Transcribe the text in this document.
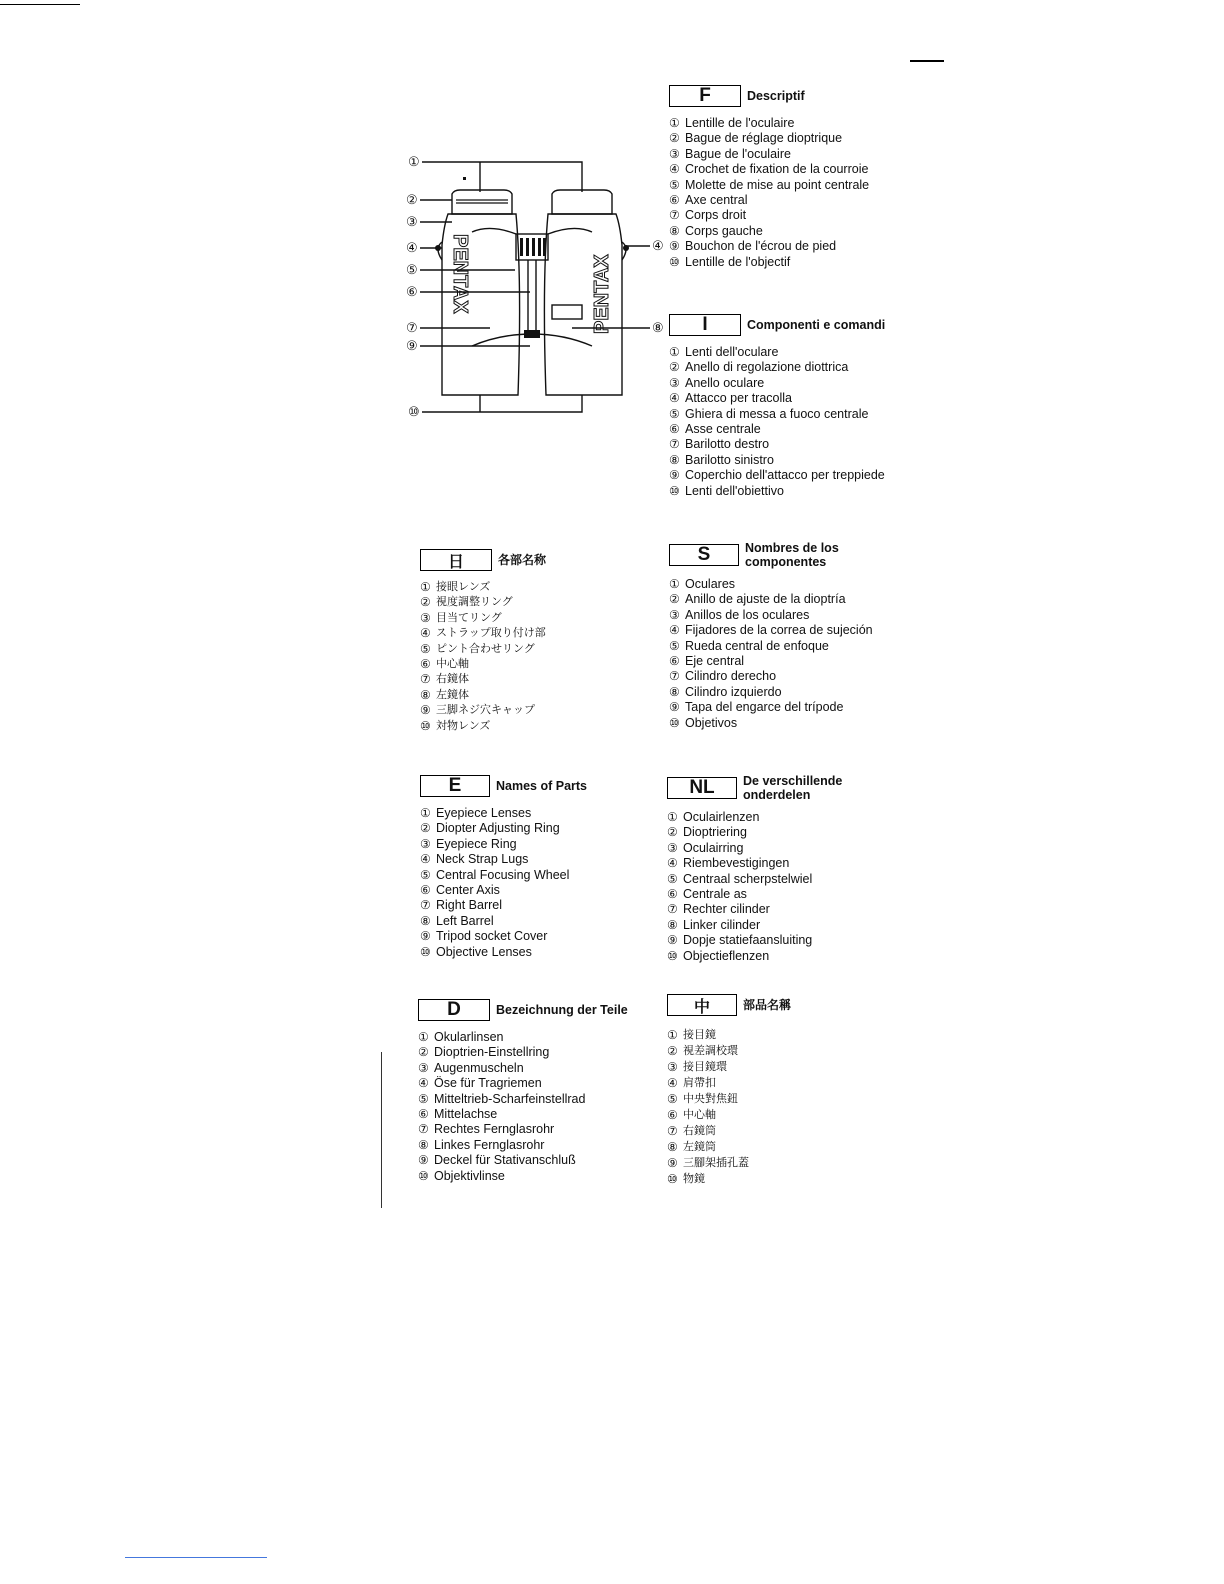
PENTAX	PENTAX
①
②
③
④
⑤
⑥
⑦
⑨
⑩
④
⑧
F	Descriptif
① Lentille de l'oculaire
② Bague de réglage dioptrique
③ Bague de l'oculaire
④ Crochet de fixation de la courroie
⑤ Molette de mise au point centrale
⑥ Axe central
⑦ Corps droit
⑧ Corps gauche
⑨ Bouchon de l'écrou de pied
⑩ Lentille de l'objectif
I	Componenti e comandi
① Lenti dell'oculare
② Anello di regolazione diottrica
③ Anello oculare
④ Attacco per tracolla
⑤ Ghiera di messa a fuoco centrale
⑥ Asse centrale
⑦ Barilotto destro
⑧ Barilotto sinistro
⑨ Coperchio dell'attacco per treppiede
⑩ Lenti dell'obiettivo
日	各部名称
① 接眼レンズ
② 視度調整リング
③ 目当てリング
④ ストラップ取り付け部
⑤ ピント合わせリング
⑥ 中心軸
⑦ 右鏡体
⑧ 左鏡体
⑨ 三脚ネジ穴キャップ
⑩ 対物レンズ
S	Nombres de los componentes
① Oculares
② Anillo de ajuste de la dioptría
③ Anillos de los oculares
④ Fijadores de la correa de sujeción
⑤ Rueda central de enfoque
⑥ Eje central
⑦ Cilindro derecho
⑧ Cilindro izquierdo
⑨ Tapa del engarce del trípode
⑩ Objetivos
E	Names of Parts
① Eyepiece Lenses
② Diopter Adjusting Ring
③ Eyepiece Ring
④ Neck Strap Lugs
⑤ Central Focusing Wheel
⑥ Center Axis
⑦ Right Barrel
⑧ Left Barrel
⑨ Tripod socket Cover
⑩ Objective Lenses
NL	De verschillende onderdelen
① Oculairlenzen
② Dioptriering
③ Oculairring
④ Riembevestigingen
⑤ Centraal scherpstelwiel
⑥ Centrale as
⑦ Rechter cilinder
⑧ Linker cilinder
⑨ Dopje statiefaansluiting
⑩ Objectieflenzen
D	Bezeichnung der Teile
① Okularlinsen
② Dioptrien-Einstellring
③ Augenmuscheln
④ Öse für Tragriemen
⑤ Mitteltrieb-Scharfeinstellrad
⑥ Mittelachse
⑦ Rechtes Fernglasrohr
⑧ Linkes Fernglasrohr
⑨ Deckel für Stativanschluß
⑩ Objektivlinse
中	部品名稱
① 接目鏡
② 視差調校環
③ 接目鏡環
④ 肩帶扣
⑤ 中央對焦鈕
⑥ 中心軸
⑦ 右鏡筒
⑧ 左鏡筒
⑨ 三腳架插孔蓋
⑩ 物鏡
